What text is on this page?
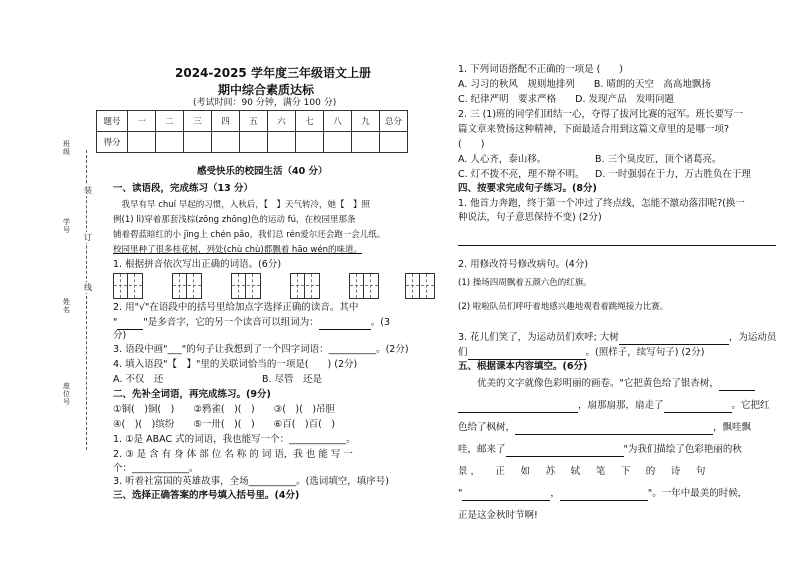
班级
学号
姓名
座位号
装
订
线
2024-2025 学年度三年级语文上册
期中综合素质达标
(考试时间：90 分钟，满分 100 分)
题号	一	二	三	四	五	六	七	八	九	总分
得分										
感受快乐的校园生活（40 分）
一、读语段，完成练习（13 分）
　我早有早 chuí 早起的习惯，入秋后，【　】天气转冷，她【　】照
例(1) lì)穿着那套浅棕(zōng zhōng)色的运动 fú，在校园里那条
铺着碧蓝暗红的小 jìng上 chén pǎo，我们总 rén爱尔还会跑一会儿纸。
校园里种了很多桂花树，列处(chù chù)都飘着 hāo wén的味道。
1. 根据拼音依次写出正确的词语。(6分)
2. 用"√"在语段中的括号里给加点字选择正确的读音。其中
"	"是多音字，它的另一个读音可以组词为：	。(3
分)
3. 语段中画"___"的句子让我想到了一个四字词语：__________。(2分)
4. 填入语段"【　】"里的关联词恰当的一项是(　　) (2分)
A. 不仅　还	B. 尽管　还是
二、先补全词语，再完成练习。(9分)
①铜(　)铜(　)　　②鸦雀(　)(　)　　③(　)(　)吊胆
④(　)(　)缤纷　　⑤一卅(　)(　)　　⑥百(　)百(　)
1. ①是 ABAC 式的词语，我也能写一个：____________。
2. ③ 是 含 有 身 体 部 位 名 称 的 词 语，我 也 能 写 一
个：____________。
3. 听着社富国的英雄故事，全场__________。(选词填空，填序号)
三、选择正确答案的序号填入括号里。(4分)
1. 下列词语搭配不正确的一项是 (　　)
A. 习习的秋风　规则地排列　　B. 晴朗的天空　高高地飘扬
C. 纪律严明　要求严格　　D. 发现产品　发明问题
2. 三 (1)班的同学们团结一心，夺得了拔河比赛的冠军。班长要写一
篇文章来赞扬这种精神，下面最适合用到这篇文章里的是哪一项?
(　　)
A. 人心齐，泰山移。	B. 三个臭皮匠，顶个诸葛亮。
C. 灯不拨不亮，理不辩不明。 D. 一时强弱在于力，万古胜负在于理
四、按要求完成句子练习。(8分)
1. 他首力奔跑，终于第一个冲过了终点线，怎能不激动落泪呢?(换一
种说法，句子意思保持不变) (2分)
2. 用修改符号修改病句。(4分)
(1) 操场四周飘着五颜六色的红旗。
(2) 啦啦队员们呼吁着地感兴趣地观看着跳绳接力比赛。
3. 花儿们笑了，为运动员们欢呼; 大树	，为运动员
们	。(照样子，续写句子) (2分)
五、根据课本内容填空。(6分)
　　优美的文字就像色彩明丽的画卷。"它把黄色给了银杏树，
，扇那扇那，扇走了	。它把红
色给了枫树，	，飘哇飘
哇，邮来了	"为我们描绘了色彩艳丽的秋
景 ， 　 正 　 如 　 苏 　 轼 　 笔 　 下 　 的 　 诗 　 句
"	，	"。一年中最美的时候，
正是这金秋时节啊!
